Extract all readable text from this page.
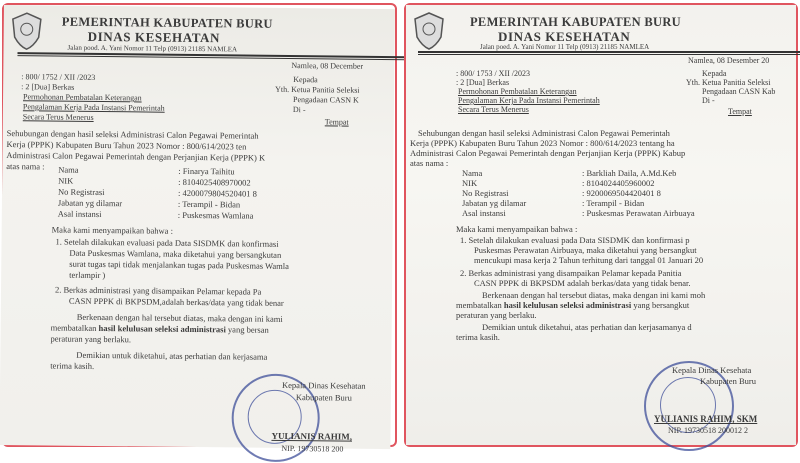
PEMERINTAH KABUPATEN BURU
DINAS KESEHATAN
Jalan pood. A. Yani Nomor 11 Telp (0913) 21185 NAMLEA
Namlea, 08 December
: 800/ 1752 / XII /2023
: 2 [Dua] Berkas
Permohonan Pembatalan Keterangan
Pengalaman Kerja Pada Instansi Pemerintah
Secara Terus Menerus
Kepada
Yth. Ketua Panitia Seleksi
Pengadaan CASN K
Di -
Tempat
Sehubungan dengan hasil seleksi Administrasi Calon Pegawai Pemerintah
Kerja (PPPK) Kabupaten Buru Tahun 2023 Nomor : 800/614/2023 ten
Administrasi Calon Pegawai Pemerintah dengan Perjanjian Kerja (PPPK) K
atas nama : Nama	: Finarya Taihitu
NIK	: 8104025408970002
No Registrasi	: 4200079804520401 8
Jabatan yg dilamar	: Terampil - Bidan
Asal instansi	: Puskesmas Wamlana
Maka kami menyampaikan bahwa :
1. Setelah dilakukan evaluasi pada Data SISDMK dan konfirmasi
Data Puskesmas Wamlana, maka diketahui yang bersangkutan
surat tugas tapi tidak menjalankan tugas pada Puskesmas Wamla
terlampir )
2. Berkas administrasi yang disampaikan Pelamar kepada Pa
CASN PPPK di BKPSDM,adalah berkas/data yang tidak benar
Berkenaan dengan hal tersebut diatas, maka dengan ini kami
membatalkan hasil kelulusan seleksi administrasi yang bersan
peraturan yang berlaku.
Demikian untuk diketahui, atas perhatian dan kerjasama
terima kasih.
Kepala Dinas Kesehatan
Kabupaten Buru
YULIANIS RAHIM,
NIP. 19730518 200
PEMERINTAH KABUPATEN BURU
DINAS KESEHATAN
Jalan poed. A. Yani Nomor 11 Telp (0913) 21185 NAMLEA
Namlea, 08 Desember 20
: 800/ 1753 / XII /2023
: 2 [Dua] Berkas
Permohonan Pembatalan Keterangan
Pengalaman Kerja Pada Instansi Pemerintah
Secara Terus Menerus
Kepada
Yth. Ketua Panitia Seleksi
Pengadaan CASN Kab
Di -
Tempat
Sehubungan dengan hasil seleksi Administrasi Calon Pegawai Pemerintah
Kerja (PPPK) Kabupaten Buru Tahun 2023 Nomor : 800/614/2023 tentang ha
Administrasi Calon Pegawai Pemerintah dengan Perjanjian Kerja (PPPK) Kabup
atas nama :
Nama	: Barkliah Daila, A.Md.Keb
NIK	: 8104024405960002
No Registrasi	: 9200069504420401 8
Jabatan yg dilamar	: Terampil - Bidan
Asal instansi	: Puskesmas Perawatan Airbuaya
Maka kami menyampaikan bahwa :
1. Setelah dilakukan evaluasi pada Data SISDMK dan konfirmasi p
Puskesmas Perawatan Airbuaya, maka diketahui yang bersangkut
mencukupi masa kerja 2 Tahun terhitung dari tanggal 01 Januari 20
2. Berkas administrasi yang disampaikan Pelamar kepada Panitia
CASN PPPK di BKPSDM adalah berkas/data yang tidak benar.
Berkenaan dengan hal tersebut diatas, maka dengan ini kami moh
membatalkan hasil kelulusan seleksi administrasi yang bersangkut
peraturan yang berlaku.
Demikian untuk diketahui, atas perhatian dan kerjasamanya d
terima kasih.
Kepala Dinas Kesehata
Kabupaten Buru
YULIANIS RAHIM, SKM
NIP. 19730518 200012 2
